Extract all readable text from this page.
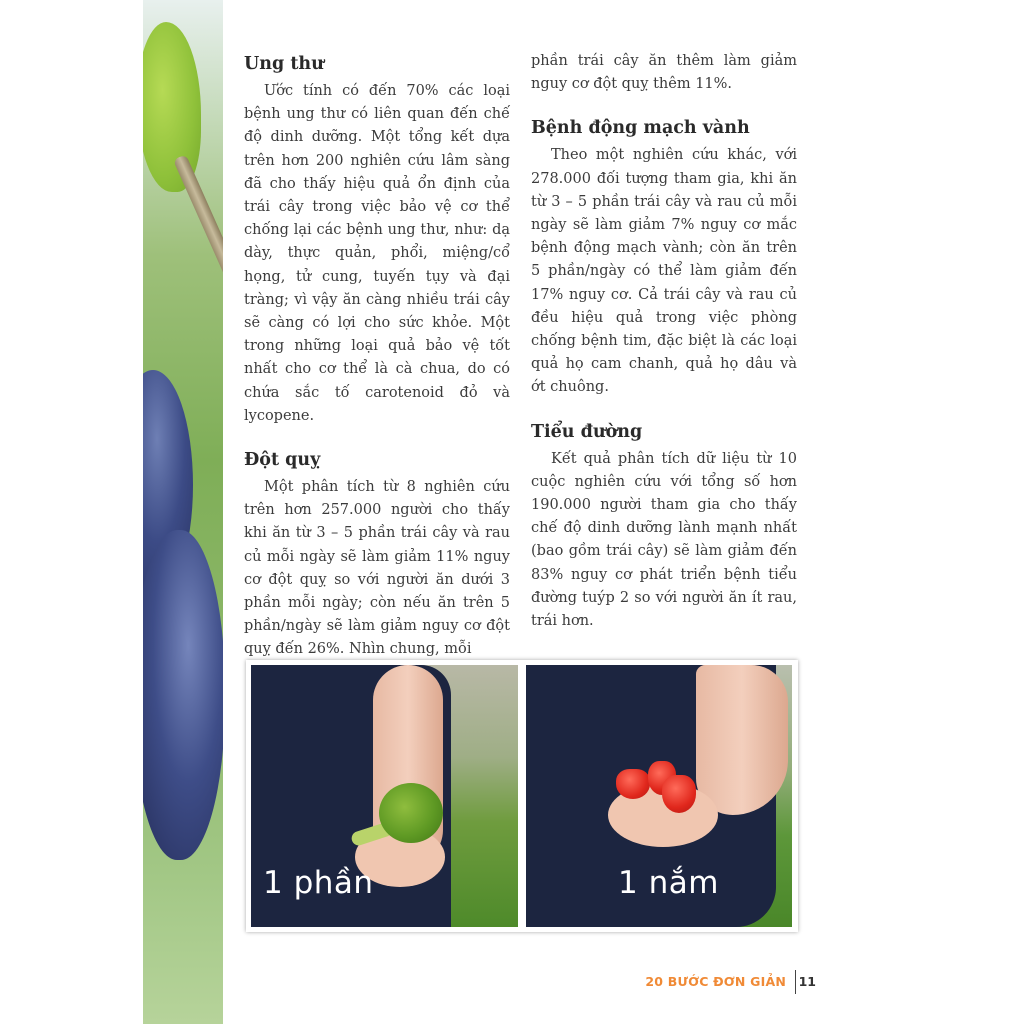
Ung thư

Ước tính có đến 70% các loại bệnh ung thư có liên quan đến chế độ dinh dưỡng. Một tổng kết dựa trên hơn 200 nghiên cứu lâm sàng đã cho thấy hiệu quả ổn định của trái cây trong việc bảo vệ cơ thể chống lại các bệnh ung thư, như: dạ dày, thực quản, phổi, miệng/cổ họng, tử cung, tuyến tụy và đại tràng; vì vậy ăn càng nhiều trái cây sẽ càng có lợi cho sức khỏe. Một trong những loại quả bảo vệ tốt nhất cho cơ thể là cà chua, do có chứa sắc tố carotenoid đỏ và lycopene.

Đột quỵ

Một phân tích từ 8 nghiên cứu trên hơn 257.000 người cho thấy khi ăn từ 3 – 5 phần trái cây và rau củ mỗi ngày sẽ làm giảm 11% nguy cơ đột quỵ so với người ăn dưới 3 phần mỗi ngày; còn nếu ăn trên 5 phần/ngày sẽ làm giảm nguy cơ đột quỵ đến 26%. Nhìn chung, mỗi

phần trái cây ăn thêm làm giảm nguy cơ đột quỵ thêm 11%.

Bệnh động mạch vành

Theo một nghiên cứu khác, với 278.000 đối tượng tham gia, khi ăn từ 3 – 5 phần trái cây và rau củ mỗi ngày sẽ làm giảm 7% nguy cơ mắc bệnh động mạch vành; còn ăn trên 5 phần/ngày có thể làm giảm đến 17% nguy cơ. Cả trái cây và rau củ đều hiệu quả trong việc phòng chống bệnh tim, đặc biệt là các loại quả họ cam chanh, quả họ dâu và ớt chuông.

Tiểu đường

Kết quả phân tích dữ liệu từ 10 cuộc nghiên cứu với tổng số hơn 190.000 người tham gia cho thấy chế độ dinh dưỡng lành mạnh nhất (bao gồm trái cây) sẽ làm giảm đến 83% nguy cơ phát triển bệnh tiểu đường tuýp 2 so với người ăn ít rau, trái hơn.

1 phần	1 nắm
20 BƯỚC ĐƠN GIẢN 11
